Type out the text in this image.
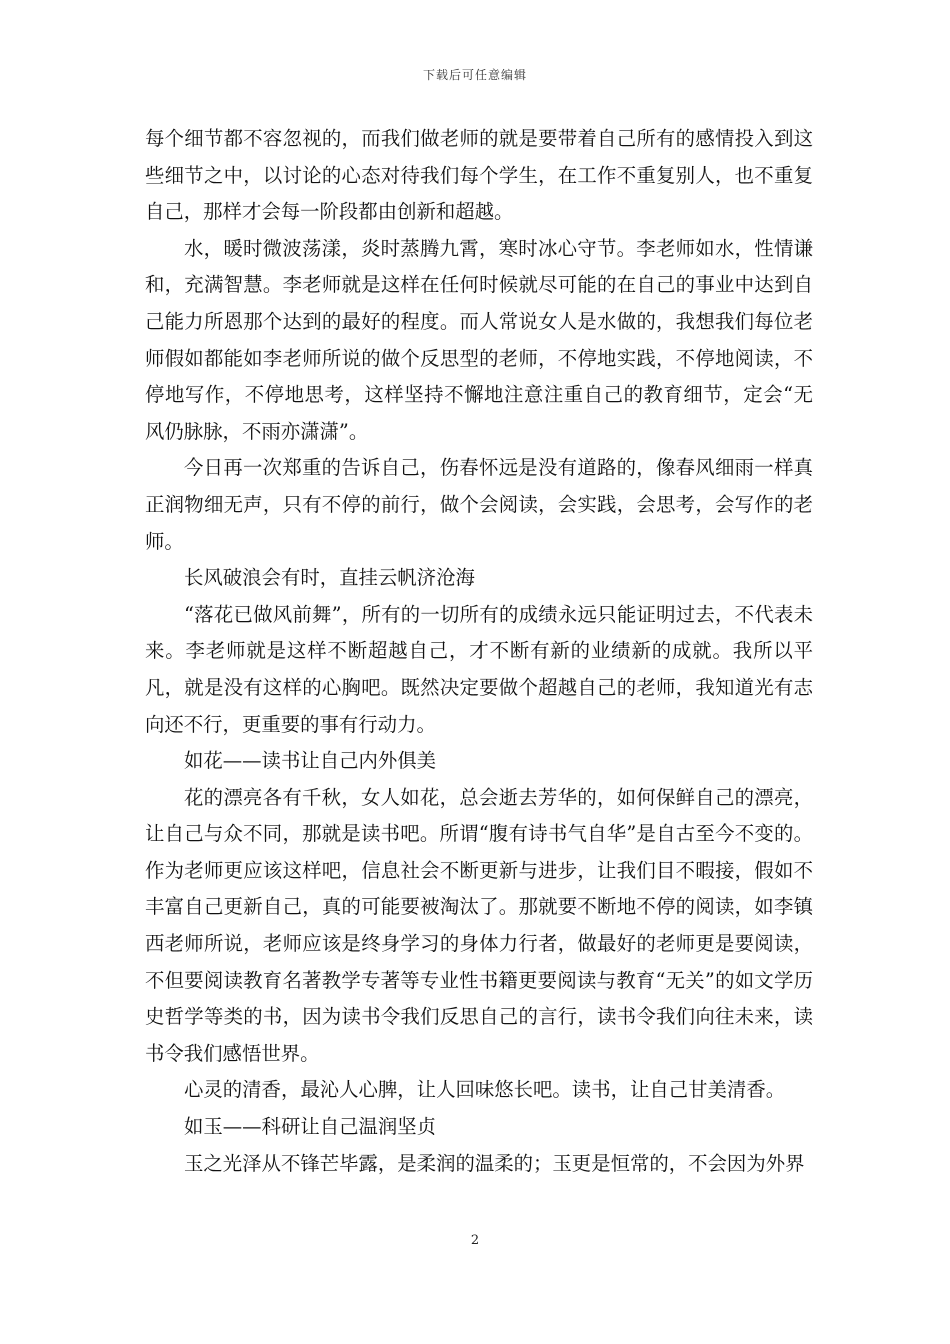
下载后可任意编辑

每个细节都不容忽视的，而我们做老师的就是要带着自己所有的感情投入到这些细节之中，以讨论的心态对待我们每个学生，在工作不重复别人，也不重复自己，那样才会每一阶段都由创新和超越。

水，暖时微波荡漾，炎时蒸腾九霄，寒时冰心守节。李老师如水，性情谦和，充满智慧。李老师就是这样在任何时候就尽可能的在自己的事业中达到自己能力所恩那个达到的最好的程度。而人常说女人是水做的，我想我们每位老师假如都能如李老师所说的做个反思型的老师，不停地实践，不停地阅读，不停地写作，不停地思考，这样坚持不懈地注意注重自己的教育细节，定会“无风仍脉脉，不雨亦潇潇”。

今日再一次郑重的告诉自己，伤春怀远是没有道路的，像春风细雨一样真正润物细无声，只有不停的前行，做个会阅读，会实践，会思考，会写作的老师。

长风破浪会有时，直挂云帆济沧海

“落花已做风前舞”，所有的一切所有的成绩永远只能证明过去，不代表未来。李老师就是这样不断超越自己，才不断有新的业绩新的成就。我所以平凡，就是没有这样的心胸吧。既然决定要做个超越自己的老师，我知道光有志向还不行，更重要的事有行动力。

如花——读书让自己内外俱美

花的漂亮各有千秋，女人如花，总会逝去芳华的，如何保鲜自己的漂亮，让自己与众不同，那就是读书吧。所谓“腹有诗书气自华”是自古至今不变的。作为老师更应该这样吧，信息社会不断更新与进步，让我们目不暇接，假如不丰富自己更新自己，真的可能要被淘汰了。那就要不断地不停的阅读，如李镇西老师所说，老师应该是终身学习的身体力行者，做最好的老师更是要阅读，不但要阅读教育名著教学专著等专业性书籍更要阅读与教育“无关”的如文学历史哲学等类的书，因为读书令我们反思自己的言行，读书令我们向往未来，读书令我们感悟世界。

心灵的清香，最沁人心脾，让人回味悠长吧。读书，让自己甘美清香。

如玉——科研让自己温润坚贞

玉之光泽从不锋芒毕露，是柔润的温柔的；玉更是恒常的，不会因为外界

2
